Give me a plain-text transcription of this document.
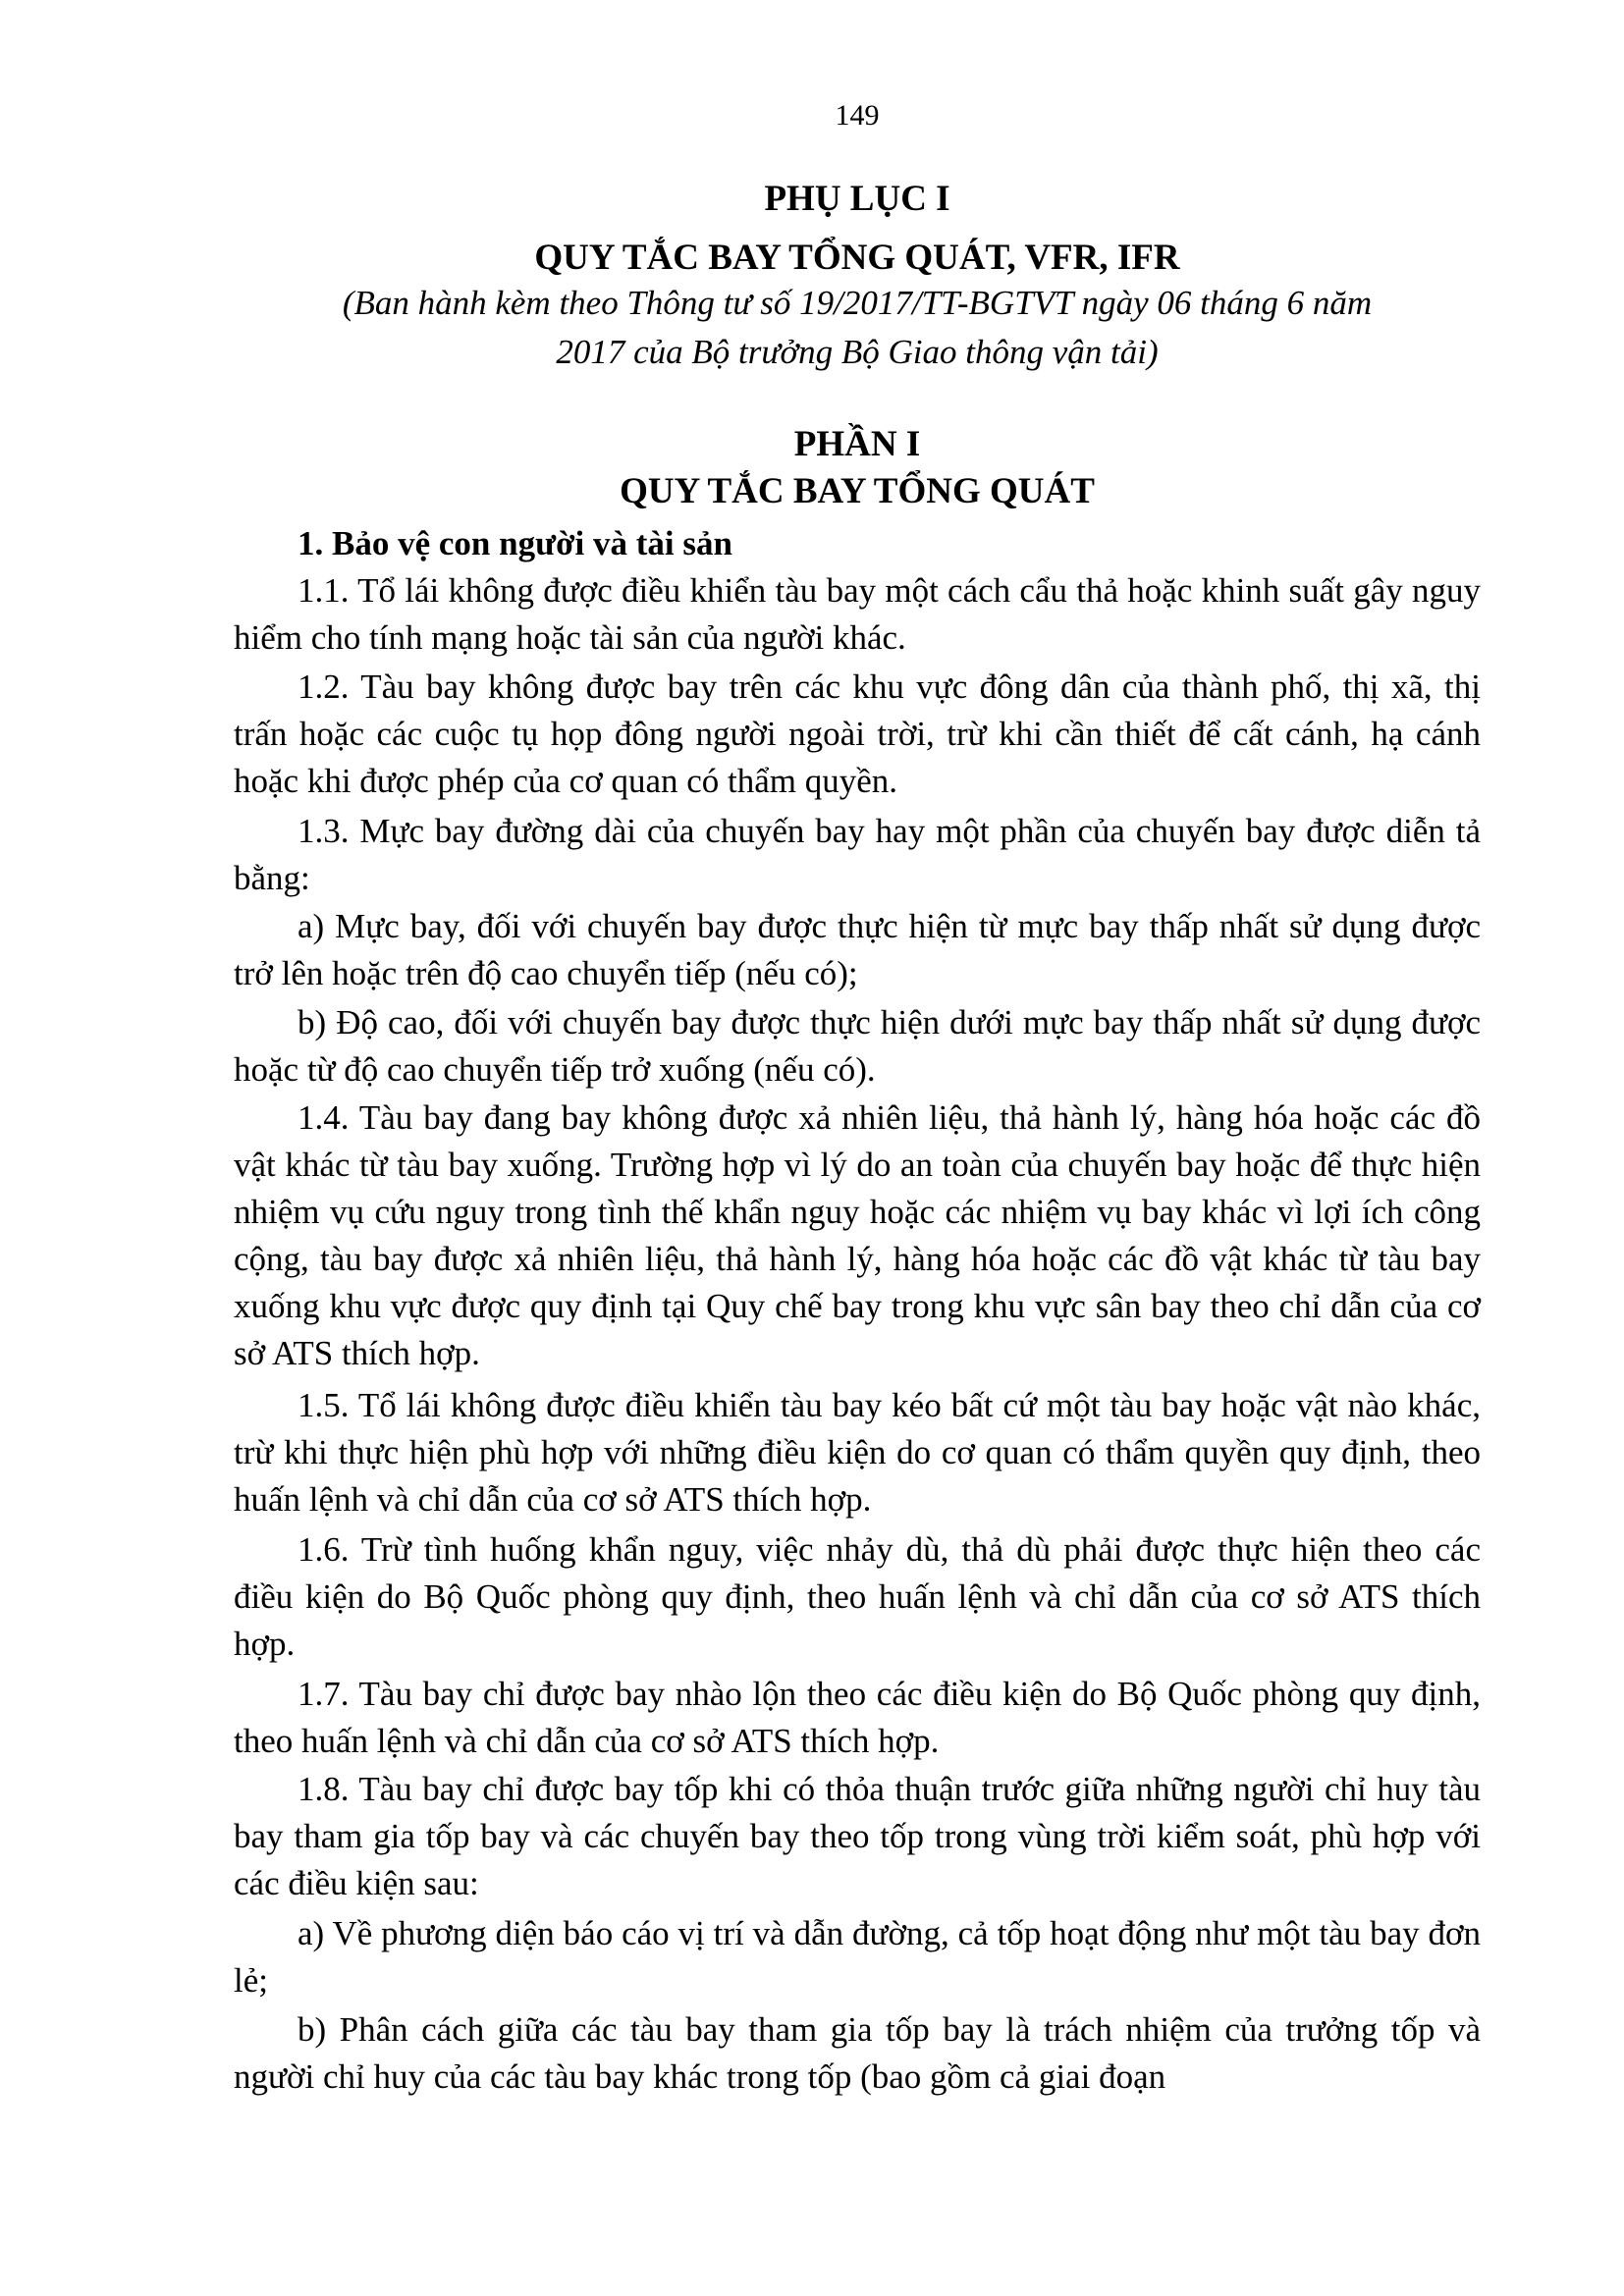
149
PHỤ LỤC I
QUY TẮC BAY TỔNG QUÁT, VFR, IFR
(Ban hành kèm theo Thông tư số 19/2017/TT-BGTVT ngày 06 tháng 6 năm
2017 của Bộ trưởng Bộ Giao thông vận tải)
PHẦN I
QUY TẮC BAY TỔNG QUÁT
1. Bảo vệ con người và tài sản
1.1. Tổ lái không được điều khiển tàu bay một cách cẩu thả hoặc khinh suất gây nguy hiểm cho tính mạng hoặc tài sản của người khác.
1.2. Tàu bay không được bay trên các khu vực đông dân của thành phố, thị xã, thị trấn hoặc các cuộc tụ họp đông người ngoài trời, trừ khi cần thiết để cất cánh, hạ cánh hoặc khi được phép của cơ quan có thẩm quyền.
1.3. Mực bay đường dài của chuyến bay hay một phần của chuyến bay được diễn tả bằng:
a) Mực bay, đối với chuyến bay được thực hiện từ mực bay thấp nhất sử dụng được trở lên hoặc trên độ cao chuyển tiếp (nếu có);
b) Độ cao, đối với chuyến bay được thực hiện dưới mực bay thấp nhất sử dụng được hoặc từ độ cao chuyển tiếp trở xuống (nếu có).
1.4. Tàu bay đang bay không được xả nhiên liệu, thả hành lý, hàng hóa hoặc các đồ vật khác từ tàu bay xuống. Trường hợp vì lý do an toàn của chuyến bay hoặc để thực hiện nhiệm vụ cứu nguy trong tình thế khẩn nguy hoặc các nhiệm vụ bay khác vì lợi ích công cộng, tàu bay được xả nhiên liệu, thả hành lý, hàng hóa hoặc các đồ vật khác từ tàu bay xuống khu vực được quy định tại Quy chế bay trong khu vực sân bay theo chỉ dẫn của cơ sở ATS thích hợp.
1.5. Tổ lái không được điều khiển tàu bay kéo bất cứ một tàu bay hoặc vật nào khác, trừ khi thực hiện phù hợp với những điều kiện do cơ quan có thẩm quyền quy định, theo huấn lệnh và chỉ dẫn của cơ sở ATS thích hợp.
1.6. Trừ tình huống khẩn nguy, việc nhảy dù, thả dù phải được thực hiện theo các điều kiện do Bộ Quốc phòng quy định, theo huấn lệnh và chỉ dẫn của cơ sở ATS thích hợp.
1.7. Tàu bay chỉ được bay nhào lộn theo các điều kiện do Bộ Quốc phòng quy định, theo huấn lệnh và chỉ dẫn của cơ sở ATS thích hợp.
1.8. Tàu bay chỉ được bay tốp khi có thỏa thuận trước giữa những người chỉ huy tàu bay tham gia tốp bay và các chuyến bay theo tốp trong vùng trời kiểm soát, phù hợp với các điều kiện sau:
a) Về phương diện báo cáo vị trí và dẫn đường, cả tốp hoạt động như một tàu bay đơn lẻ;
b) Phân cách giữa các tàu bay tham gia tốp bay là trách nhiệm của trưởng tốp và người chỉ huy của các tàu bay khác trong tốp (bao gồm cả giai đoạn
